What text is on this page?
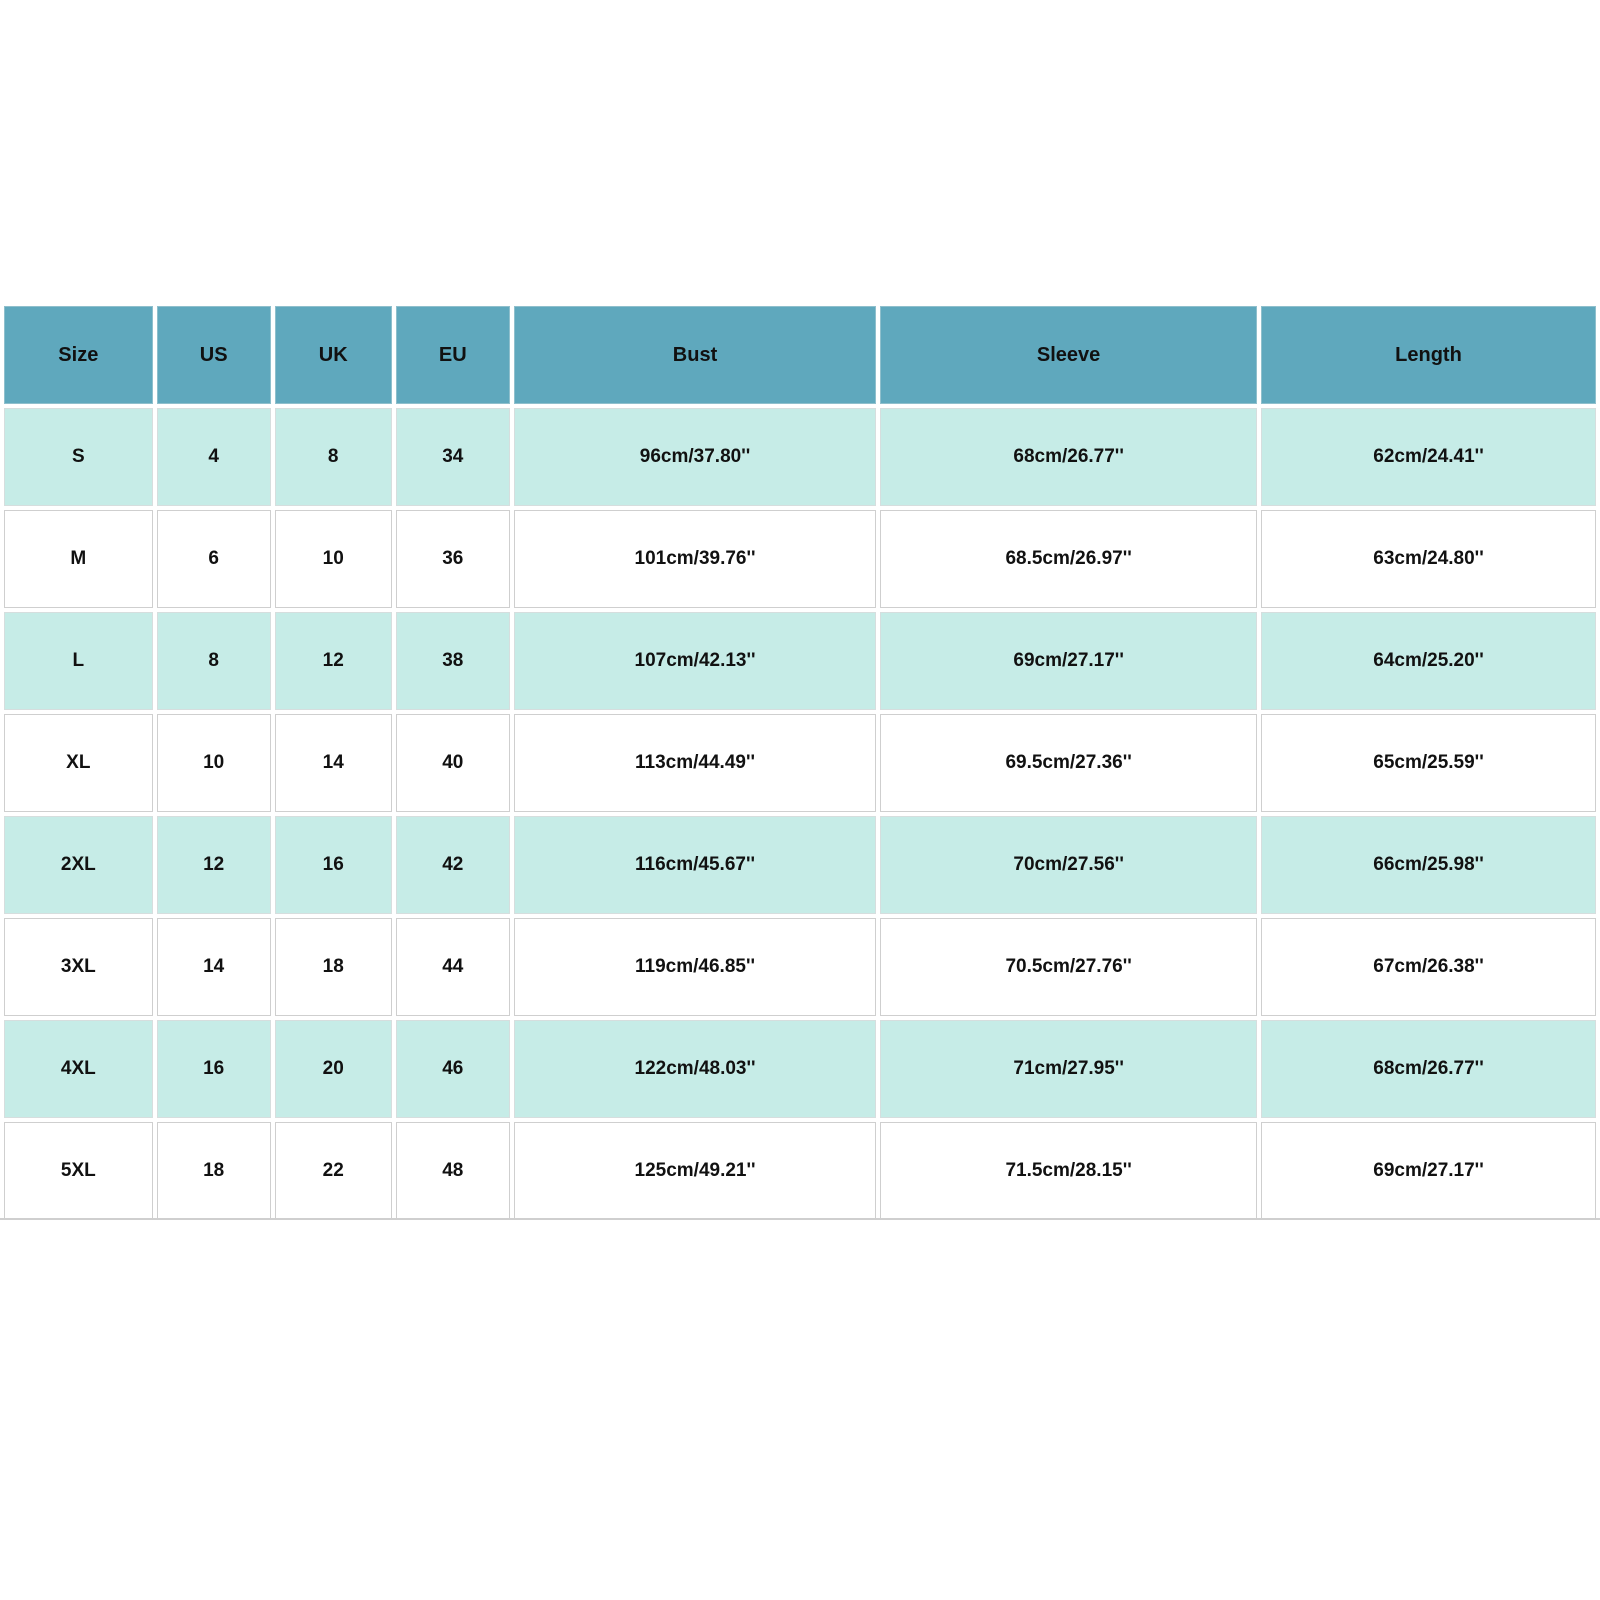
Size	US	UK	EU	Bust	Sleeve	Length
S	4	8	34	96cm/37.80''	68cm/26.77''	62cm/24.41''
M	6	10	36	101cm/39.76''	68.5cm/26.97''	63cm/24.80''
L	8	12	38	107cm/42.13''	69cm/27.17''	64cm/25.20''
XL	10	14	40	113cm/44.49''	69.5cm/27.36''	65cm/25.59''
2XL	12	16	42	116cm/45.67''	70cm/27.56''	66cm/25.98''
3XL	14	18	44	119cm/46.85''	70.5cm/27.76''	67cm/26.38''
4XL	16	20	46	122cm/48.03''	71cm/27.95''	68cm/26.77''
5XL	18	22	48	125cm/49.21''	71.5cm/28.15''	69cm/27.17''
